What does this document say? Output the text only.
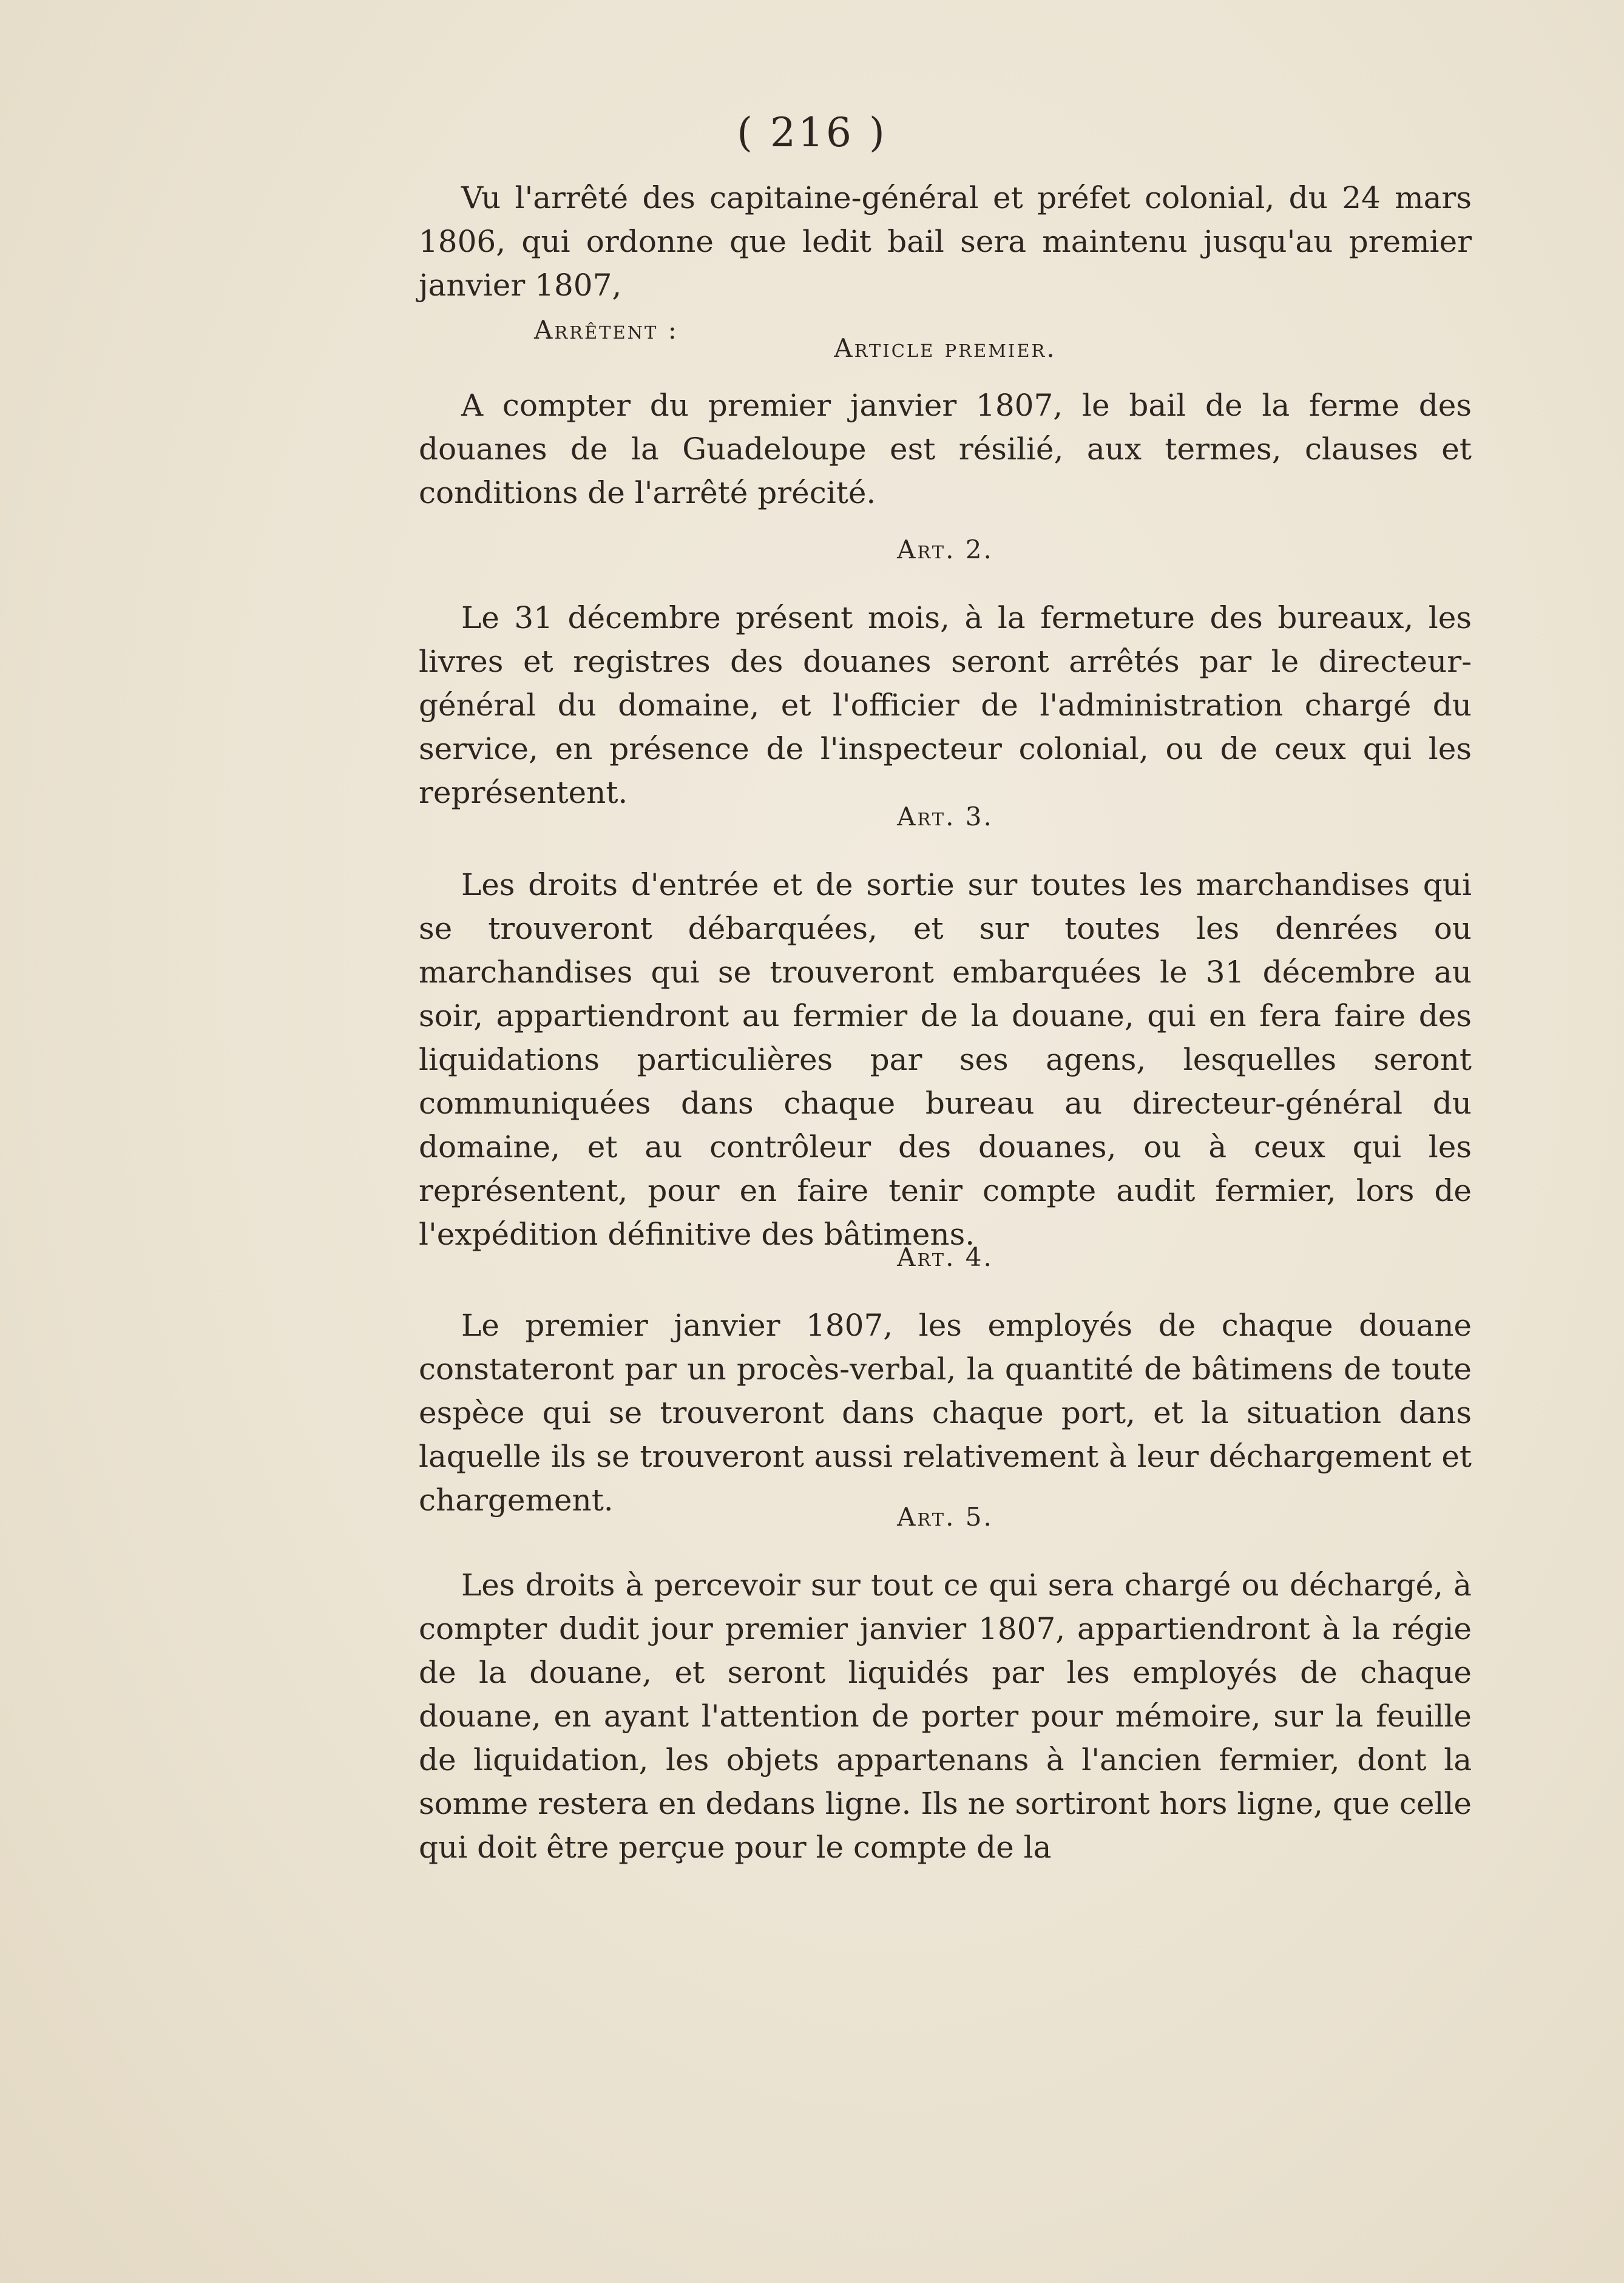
( 216 )

Vu l'arrêté des capitaine-général et préfet colonial, du 24 mars 1806, qui ordonne que ledit bail sera maintenu jusqu'au premier janvier 1807,

Arrêtent :

Article premier.

A compter du premier janvier 1807, le bail de la ferme des douanes de la Guadeloupe est résilié, aux termes, clauses et conditions de l'arrêté précité.

Art. 2.

Le 31 décembre présent mois, à la fermeture des bureaux, les livres et registres des douanes seront arrêtés par le directeur-général du domaine, et l'officier de l'administration chargé du service, en présence de l'inspecteur colonial, ou de ceux qui les représentent.

Art. 3.

Les droits d'entrée et de sortie sur toutes les marchandises qui se trouveront débarquées, et sur toutes les denrées ou marchandises qui se trouveront embarquées le 31 décembre au soir, appartiendront au fermier de la douane, qui en fera faire des liquidations particulières par ses agens, lesquelles seront communiquées dans chaque bureau au directeur-général du domaine, et au contrôleur des douanes, ou à ceux qui les représentent, pour en faire tenir compte audit fermier, lors de l'expédition définitive des bâtimens.

Art. 4.

Le premier janvier 1807, les employés de chaque douane constateront par un procès-verbal, la quantité de bâtimens de toute espèce qui se trouveront dans chaque port, et la situation dans laquelle ils se trouveront aussi relativement à leur déchargement et chargement.	Art. 5.

Les droits à percevoir sur tout ce qui sera chargé ou déchargé, à compter dudit jour premier janvier 1807, appartiendront à la régie de la douane, et seront liquidés par les employés de chaque douane, en ayant l'attention de porter pour mémoire, sur la feuille de liquidation, les objets appartenans à l'ancien fermier, dont la somme restera en dedans ligne. Ils ne sortiront hors ligne, que celle qui doit être perçue pour le compte de la
